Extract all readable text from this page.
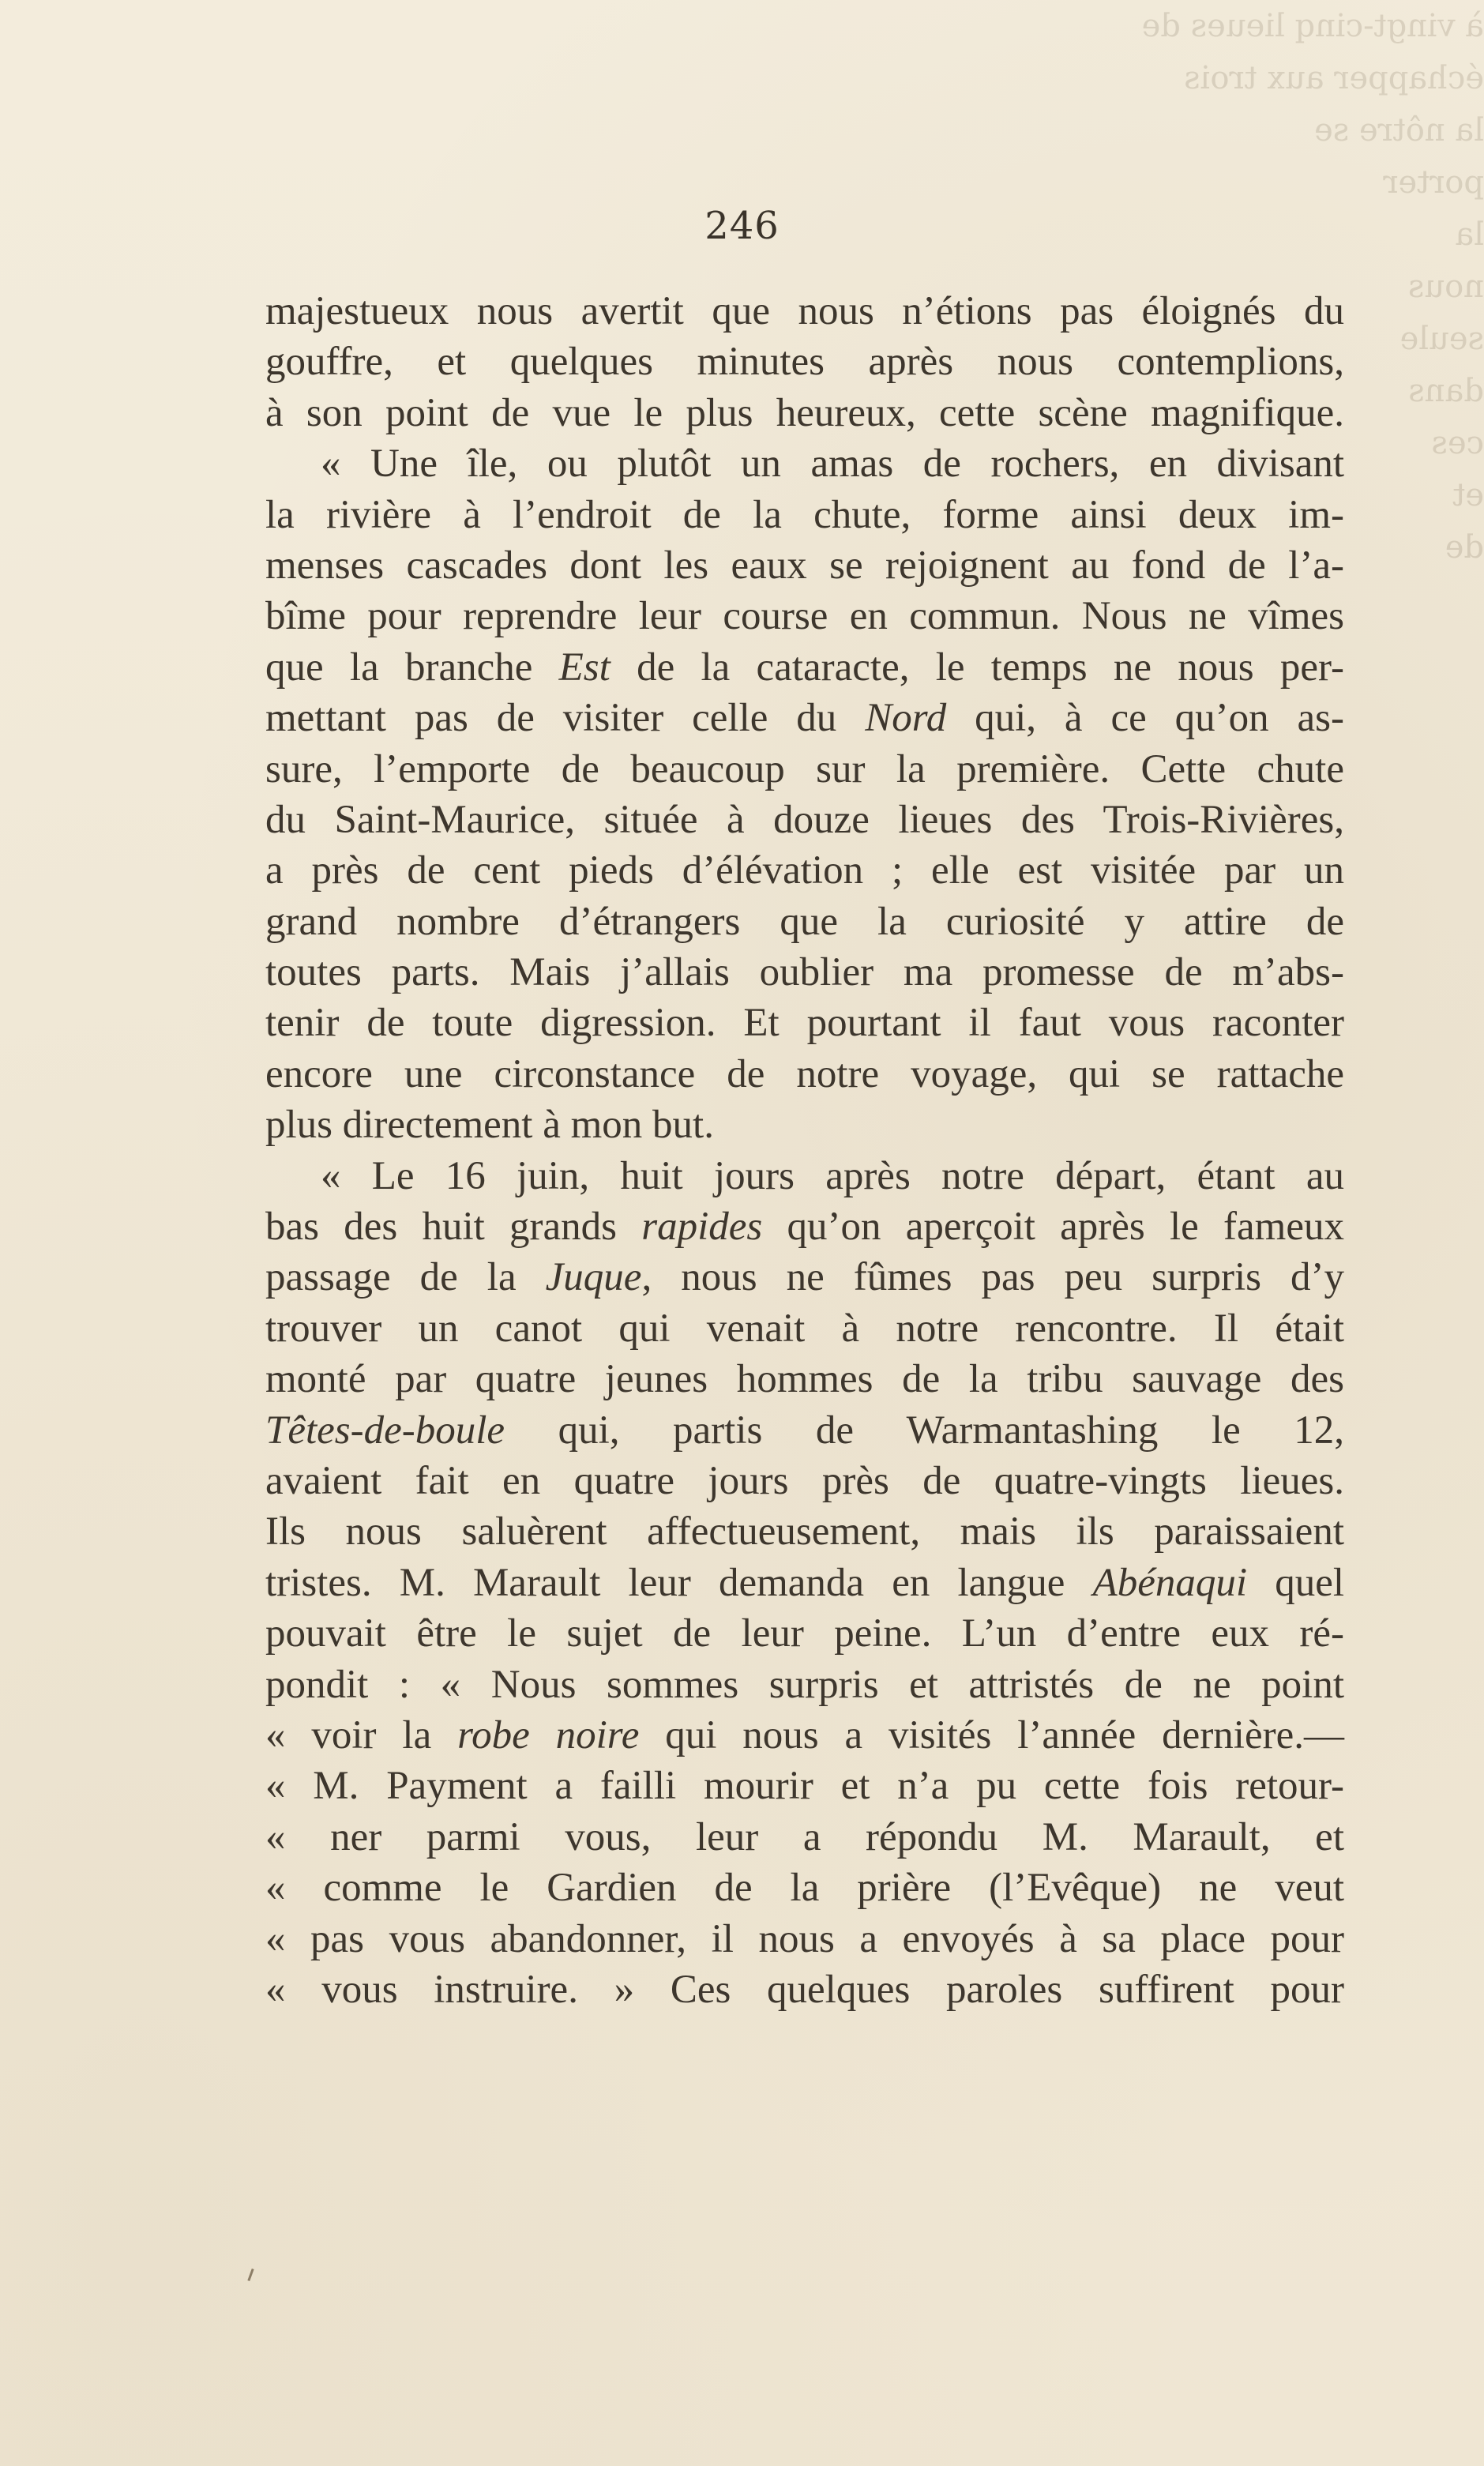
à vingt-cinq lieues de
échapper aux trois
la nôtre se
porter
la
nous
seule
dans
ces
et
de
246
majestueux nous avertit que nous n’étions pas éloignés du
gouffre, et quelques minutes après nous contemplions,
à son point de vue le plus heureux, cette scène magnifique.
« Une île, ou plutôt un amas de rochers, en divisant
la rivière à l’endroit de la chute, forme ainsi deux im-
menses cascades dont les eaux se rejoignent au fond de l’a-
bîme pour reprendre leur course en commun. Nous ne vîmes
que la branche Est de la cataracte, le temps ne nous per-
mettant pas de visiter celle du Nord qui, à ce qu’on as-
sure, l’emporte de beaucoup sur la première. Cette chute
du Saint-Maurice, située à douze lieues des Trois-Rivières,
a près de cent pieds d’élévation ; elle est visitée par un
grand nombre d’étrangers que la curiosité y attire de
toutes parts. Mais j’allais oublier ma promesse de m’abs-
tenir de toute digression. Et pourtant il faut vous raconter
encore une circonstance de notre voyage, qui se rattache
plus directement à mon but.
« Le 16 juin, huit jours après notre départ, étant au
bas des huit grands rapides qu’on aperçoit après le fameux
passage de la Juque, nous ne fûmes pas peu surpris d’y
trouver un canot qui venait à notre rencontre. Il était
monté par quatre jeunes hommes de la tribu sauvage des
Têtes-de-boule qui, partis de Warmantashing le 12,
avaient fait en quatre jours près de quatre-vingts lieues.
Ils nous saluèrent affectueusement, mais ils paraissaient
tristes. M. Marault leur demanda en langue Abénaqui quel
pouvait être le sujet de leur peine. L’un d’entre eux ré-
pondit : « Nous sommes surpris et attristés de ne point
« voir la robe noire qui nous a visités l’année dernière.—
« M. Payment a failli mourir et n’a pu cette fois retour-
« ner parmi vous, leur a répondu M. Marault, et
« comme le Gardien de la prière (l’Evêque) ne veut
« pas vous abandonner, il nous a envoyés à sa place pour
« vous instruire. » Ces quelques paroles suffirent pour
